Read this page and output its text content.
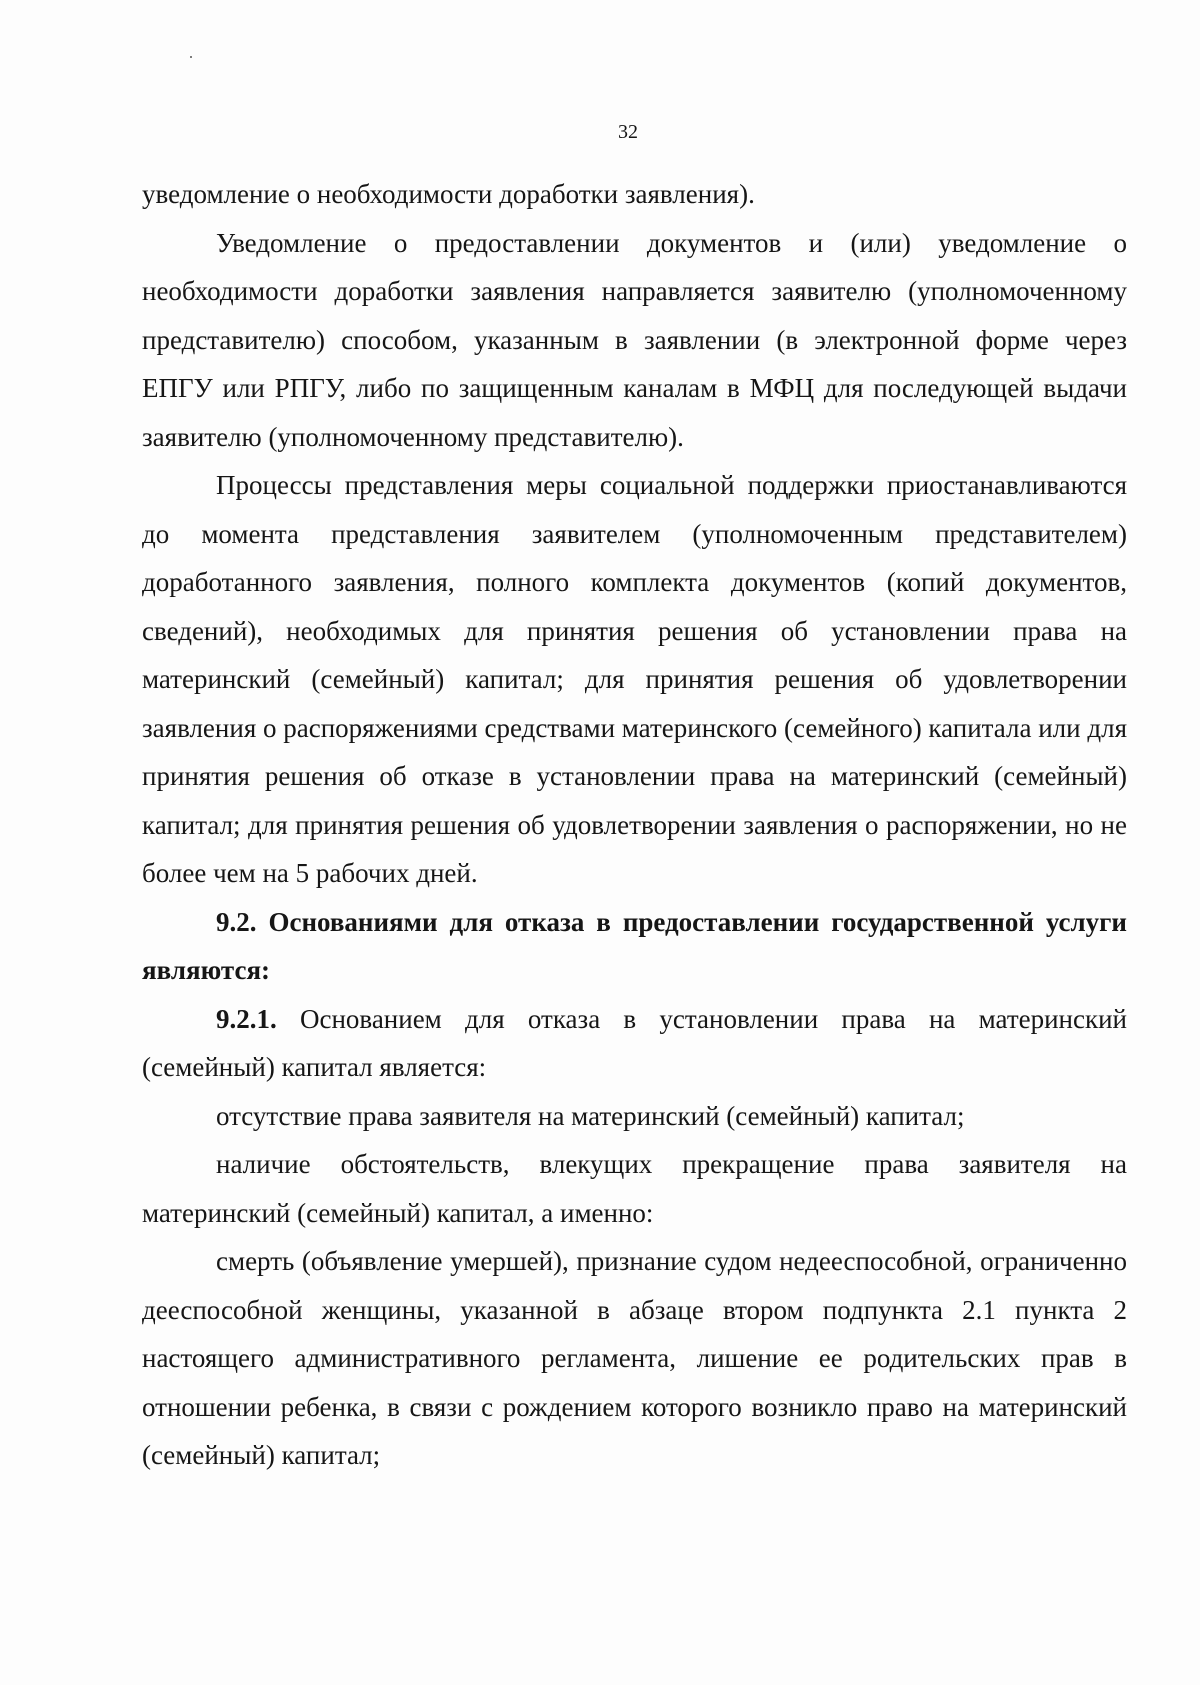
32

уведомление о необходимости доработки заявления).

Уведомление о предоставлении документов и (или) уведомление о необходимости доработки заявления направляется заявителю (уполномоченному представителю) способом, указанным в заявлении (в электронной форме через ЕПГУ или РПГУ, либо по защищенным каналам в МФЦ для последующей выдачи заявителю (уполномоченному представителю).

Процессы представления меры социальной поддержки приостанавливаются до момента представления заявителем (уполномоченным представителем) доработанного заявления, полного комплекта документов (копий документов, сведений), необходимых для принятия решения об установлении права на материнский (семейный) капитал; для принятия решения об удовлетворении заявления о распоряжениями средствами материнского (семейного) капитала или для принятия решения об отказе в установлении права на материнский (семейный) капитал; для принятия решения об удовлетворении заявления о распоряжении, но не более чем на 5 рабочих дней.

9.2. Основаниями для отказа в предоставлении государственной услуги являются:

9.2.1. Основанием для отказа в установлении права на материнский (семейный) капитал является:

отсутствие права заявителя на материнский (семейный) капитал;

наличие обстоятельств, влекущих прекращение права заявителя на материнский (семейный) капитал, а именно:

смерть (объявление умершей), признание судом недееспособной, ограниченно дееспособной женщины, указанной в абзаце втором подпункта 2.1 пункта 2 настоящего административного регламента, лишение ее родительских прав в отношении ребенка, в связи с рождением которого возникло право на материнский (семейный) капитал;
